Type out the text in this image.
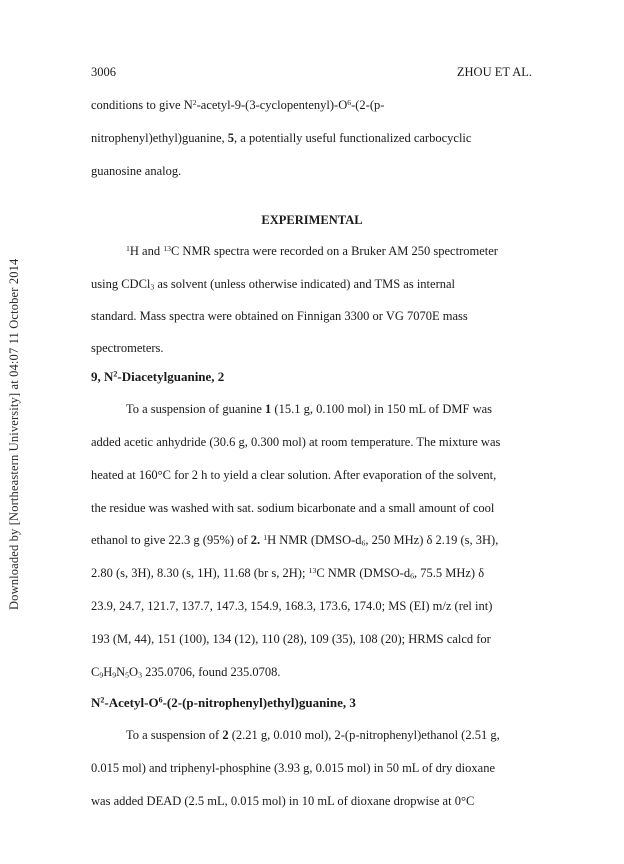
Downloaded by [Northeastern University] at 04:07 11 October 2014
3006	ZHOU ET AL.
conditions to give $N^2-acetyl-9-(3-cyclopentenyl)-O^6-(2-(p-$
nitrophenyl)ethyl)guanine, 5, a potentially useful functionalized carbocyclic
guanosine analog.
EXPERIMENTAL
$^1$H and $^{13}$C NMR spectra were recorded on a Bruker AM 250 spectrometer
using CDCl$_3$ as solvent (unless otherwise indicated) and TMS as internal
standard. Mass spectra were obtained on Finnigan 3300 or VG 7070E mass
spectrometers.
9, $N^2$-Diacetylguanine, 2
To a suspension of guanine 1 (15.1 g, 0.100 mol) in 150 mL of DMF was
added acetic anhydride (30.6 g, 0.300 mol) at room temperature. The mixture was
heated at 160°C for 2 h to yield a clear solution. After evaporation of the solvent,
the residue was washed with sat. sodium bicarbonate and a small amount of cool
ethanol to give 22.3 g (95%) of 2. $^1$H NMR ($DMSO-d_6$, 250 MHz) δ 2.19 (s, 3H),
2.80 (s, 3H), 8.30 (s, 1H), 11.68 (br s, 2H); $^{13}$C NMR ($DMSO-d_6$, 75.5 MHz) δ
23.9, 24.7, 121.7, 137.7, 147.3, 154.9, 168.3, 173.6, 174.0; MS (EI) m/z (rel int)
193 (M, 44), 151 (100), 134 (12), 110 (28), 109 (35), 108 (20); HRMS calcd for
$C_9H_9N_5O_3$ 235.0706, found 235.0708.
$N^2-Acetyl-O^6-(2-(p-nitrophenyl)ethyl)guanine$, 3
To a suspension of 2 (2.21 g, 0.010 mol), 2-(p-nitrophenyl)ethanol (2.51 g,
0.015 mol) and triphenyl-phosphine (3.93 g, 0.015 mol) in 50 mL of dry dioxane
was added DEAD (2.5 mL, 0.015 mol) in 10 mL of dioxane dropwise at 0°C
